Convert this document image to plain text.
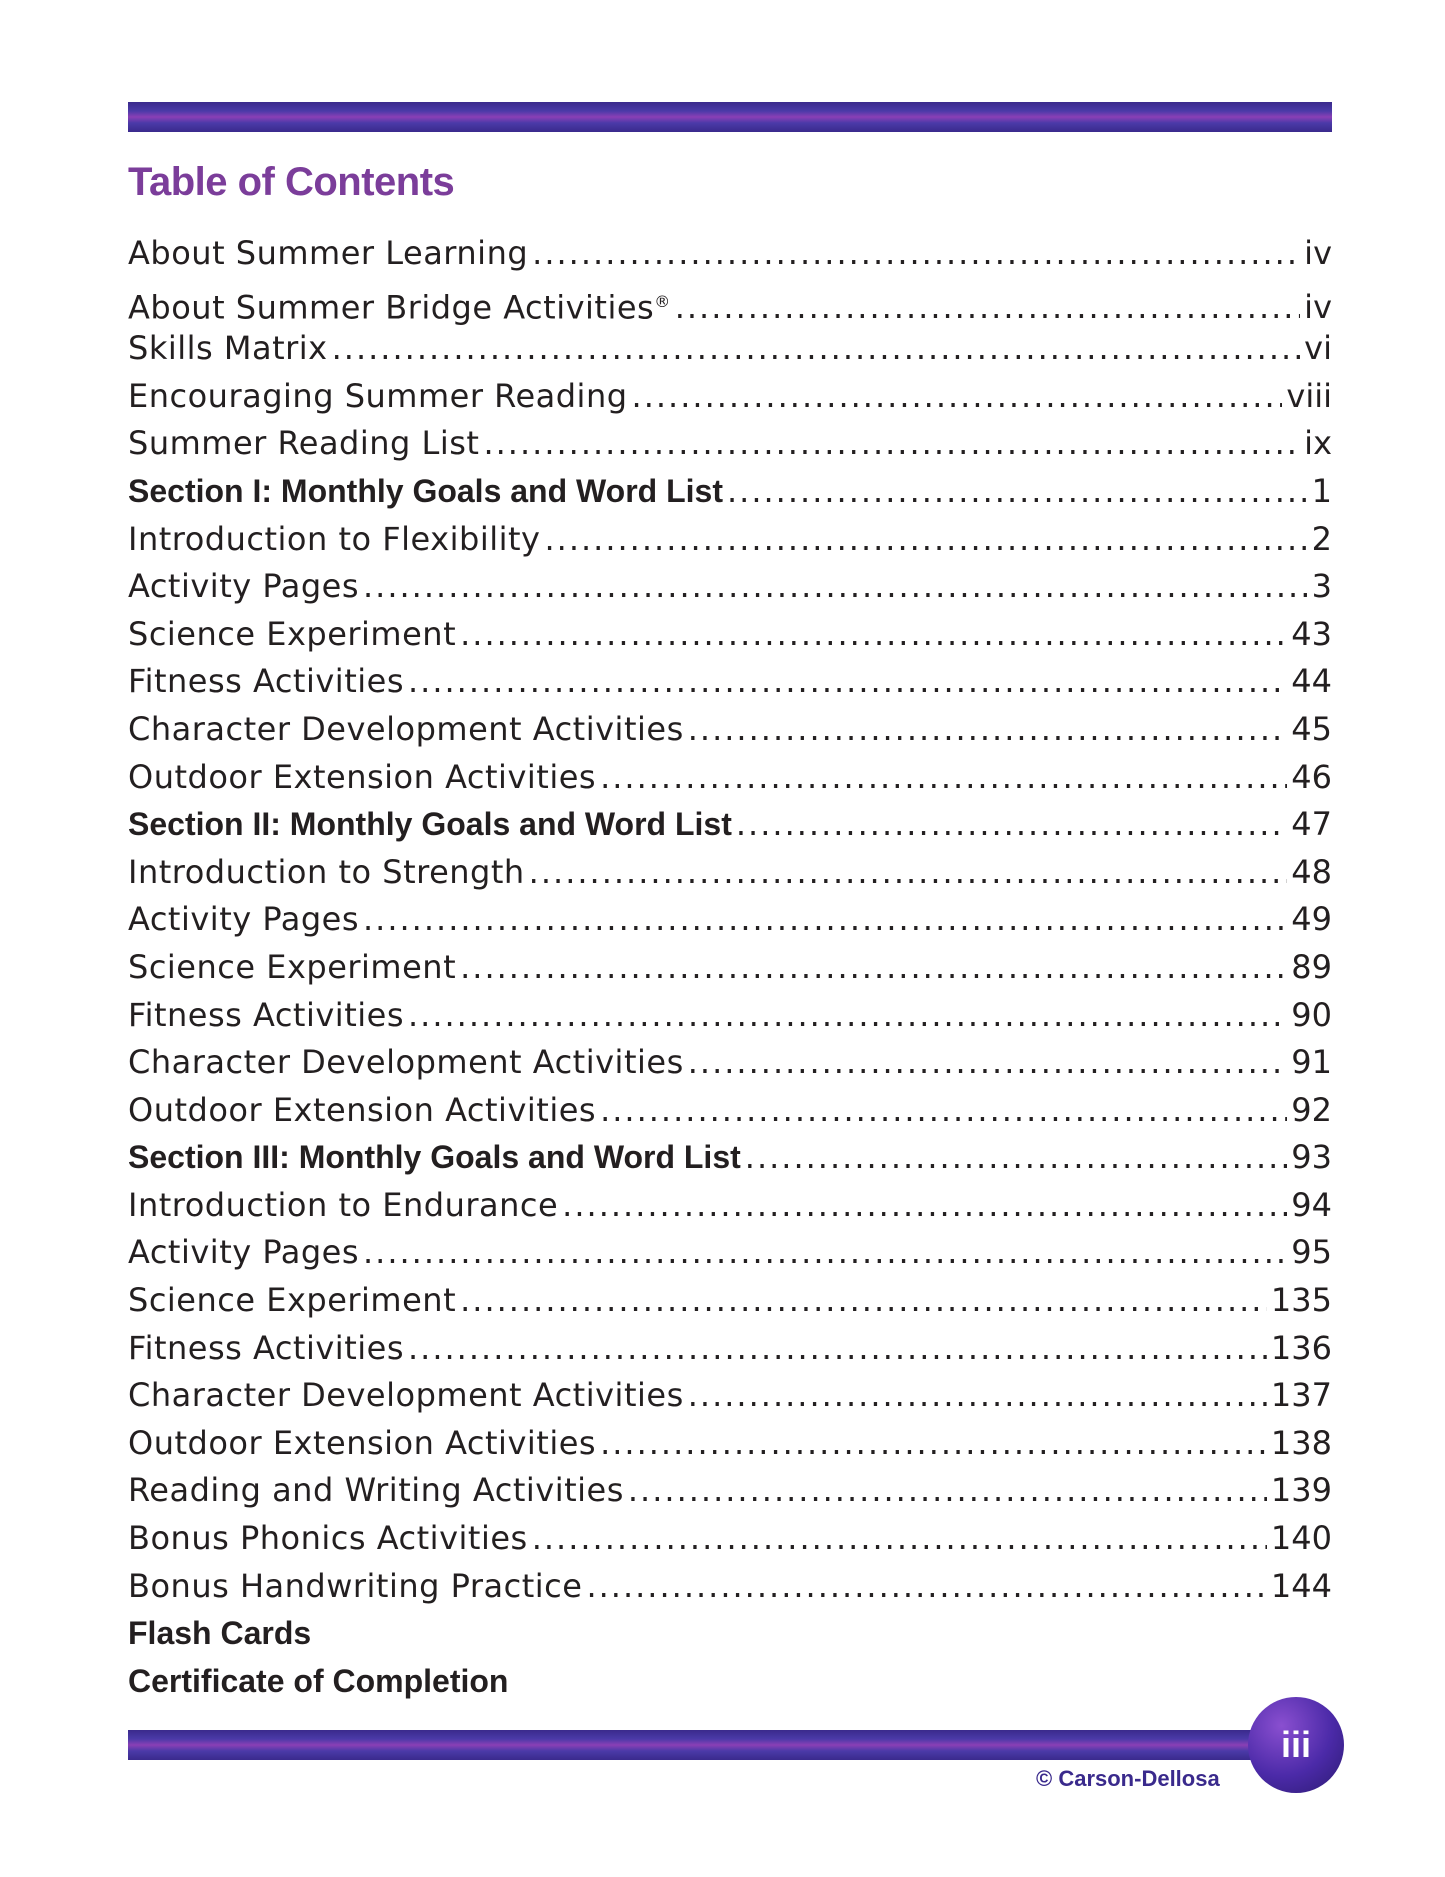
Table of Contents
About Summer Learning .....	iv
About Summer Bridge Activities® .....	iv
Skills Matrix .....	vi
Encouraging Summer Reading .....	viii
Summer Reading List .....	ix
Section I: Monthly Goals and Word List .....	1
Introduction to Flexibility .....	2
Activity Pages .....	3
Science Experiment .....	43
Fitness Activities .....	44
Character Development Activities .....	45
Outdoor Extension Activities .....	46
Section II: Monthly Goals and Word List .....	47
Introduction to Strength .....	48
Activity Pages .....	49
Science Experiment .....	89
Fitness Activities .....	90
Character Development Activities .....	91
Outdoor Extension Activities .....	92
Section III: Monthly Goals and Word List .....	93
Introduction to Endurance .....	94
Activity Pages .....	95
Science Experiment .....	135
Fitness Activities .....	136
Character Development Activities .....	137
Outdoor Extension Activities .....	138
Reading and Writing Activities .....	139
Bonus Phonics Activities .....	140
Bonus Handwriting Practice .....	144
Flash Cards
Certificate of Completion
iii
© Carson-Dellosa
